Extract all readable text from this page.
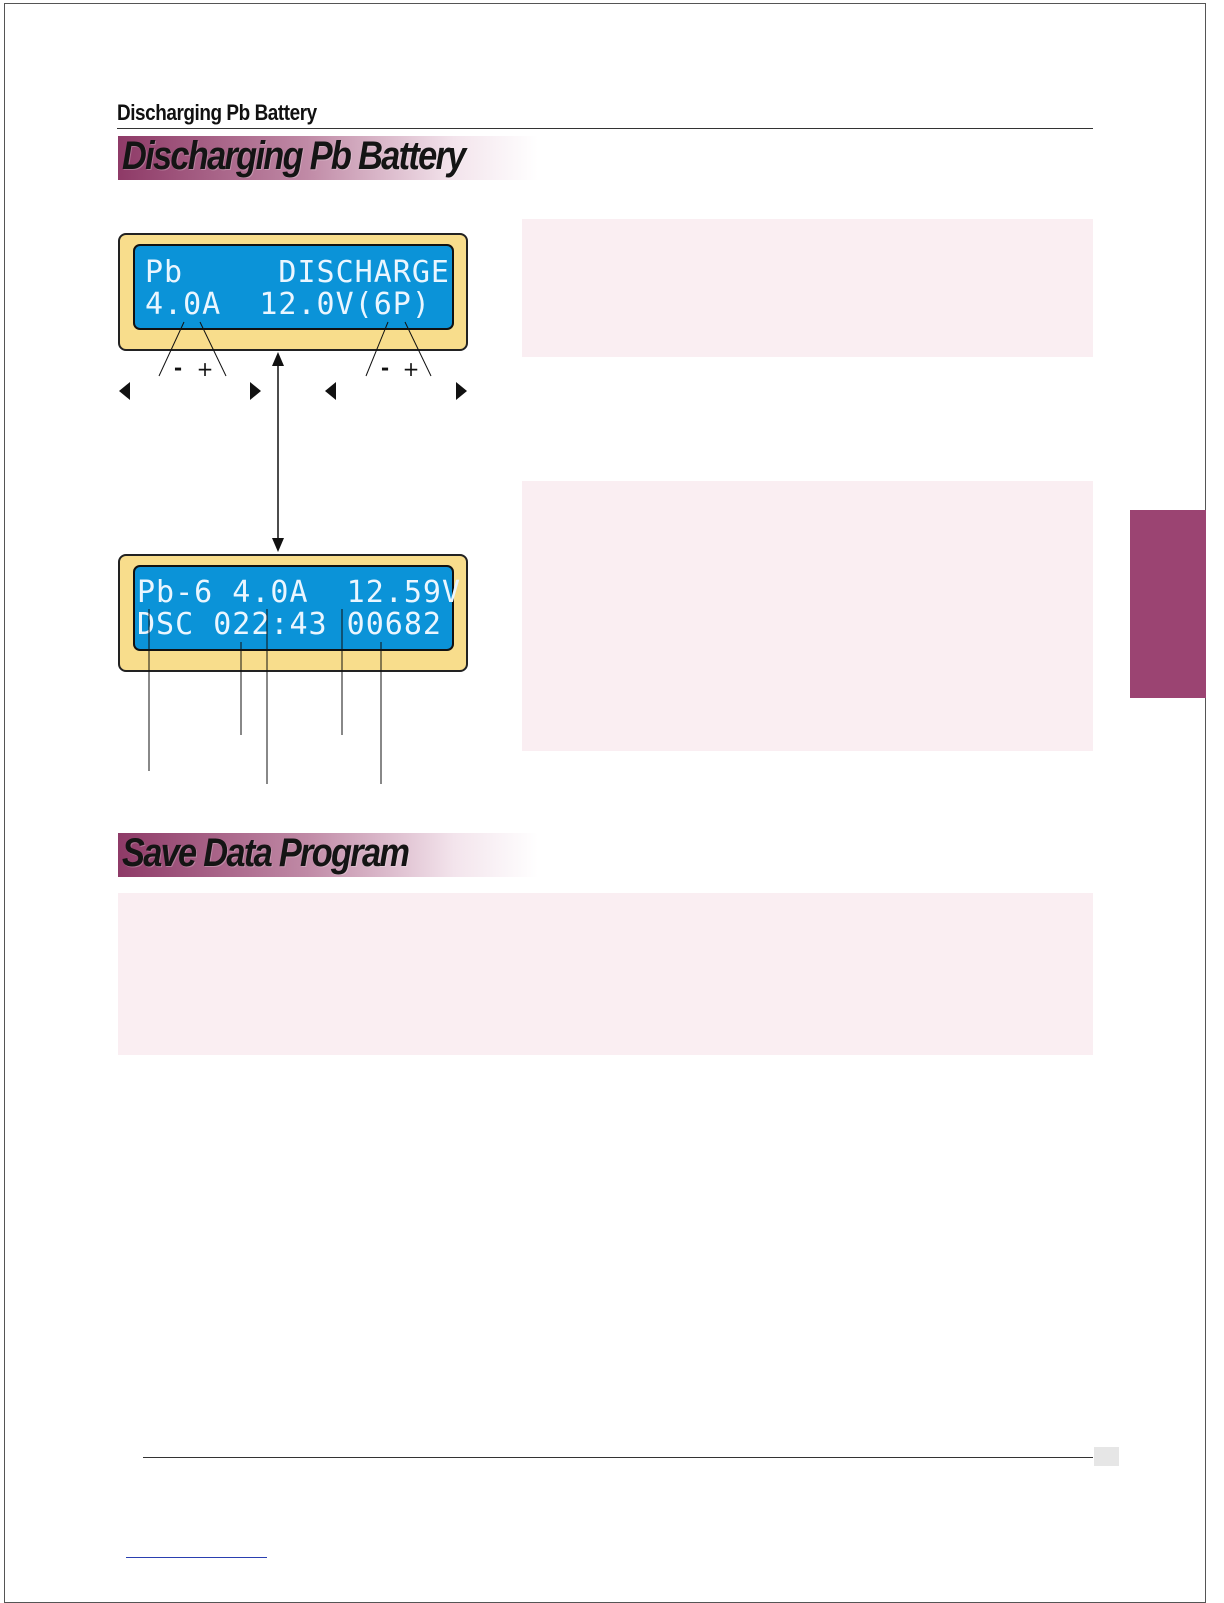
Discharging Pb Battery
Discharging Pb Battery
Pb     DISCHARGE
4.0A  12.0V(6P)
Pb-6 4.0A  12.59V
DSC 022:43 00682
- +	- +
Save Data Program
